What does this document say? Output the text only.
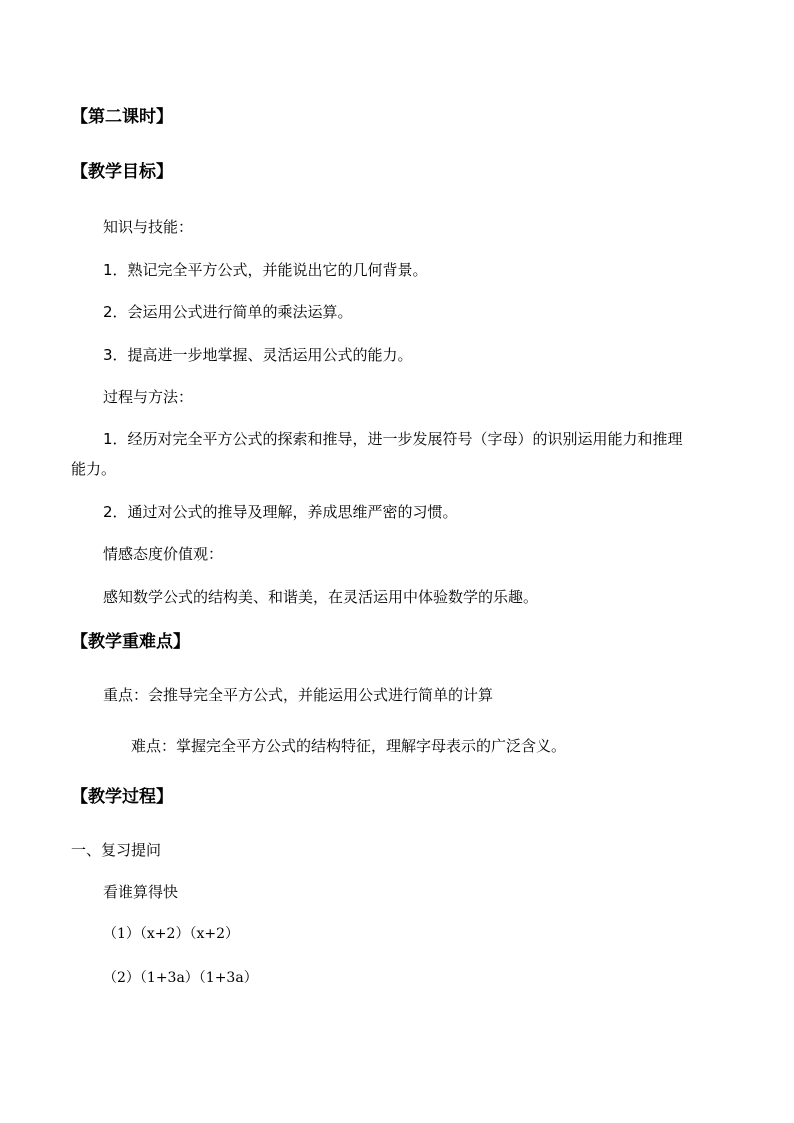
【第二课时】
【教学目标】
知识与技能：
1．熟记完全平方公式，并能说出它的几何背景。
2．会运用公式进行简单的乘法运算。
3．提高进一步地掌握、灵活运用公式的能力。
过程与方法：
1．经历对完全平方公式的探索和推导，进一步发展符号（字母）的识别运用能力和推理
能力。
2．通过对公式的推导及理解，养成思维严密的习惯。
情感态度价值观：
感知数学公式的结构美、和谐美，在灵活运用中体验数学的乐趣。
【教学重难点】
重点：会推导完全平方公式，并能运用公式进行简单的计算
难点：掌握完全平方公式的结构特征，理解字母表示的广泛含义。
【教学过程】
一、复习提问
看谁算得快
（1）（x+2）（x+2）
（2）（1+3a）（1+3a）
